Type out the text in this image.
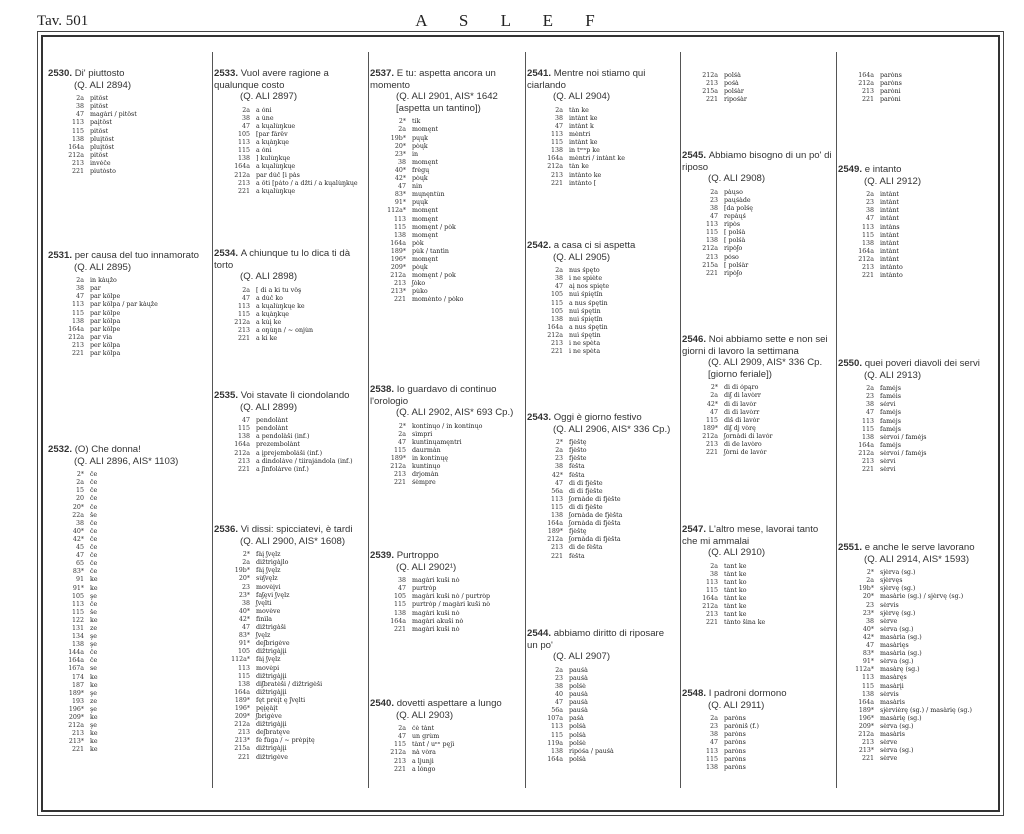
Tav. 501	A S L E F
2530. Di' piuttosto
(Q. ALI 2894)
2a pitôst
38 pitôst
47 magàri / pitôst
113 paįtôst
115 pitôst
138 pluįtôst
164a pluįtôst
212a pitôst
213 invéče
221 piutòsto
2531. per causa del tuo innamorato
(Q. ALI 2895)
2a in kàųžo
38 par
47 par kôlpe
113 par kôlpa / par kàųže
115 par kôlpe
138 par kôlpa
164a par kôlpe
212a par vìa
213 per kôlpa
221 par kôlpa
2532. (O) Che donna!
(Q. ALI 2896, AIS* 1103)
2* če
2a če
15 če
20 če
20* če
22a še
38 če
40* če
42* če
45 če
47 če
65 če
83* če
91 ke
91* ke
105 şe
113 če
115 še
122 ke
131 ze
134 şe
138 şe
144a če
164a če
167a se
174 ke
187 ke
189* şe
193 ze
196* şe
209* ke
212a şe
213 ke
213* ke
221 ke
2533. Vuol avere ragione a qualunque costo
(Q. ALI 2897)
2a a óni
38 a úne
47 a kųalùŋkue
105 [par fârêv
113 a kųàŋkųe
115 a óni
138 ] kulùŋkųe
164a a kųalùŋkųe
212a par dúč [i pàs
213 a ôti [páto / a džti / a kųalùŋkųe
221 a kųalùŋkųe
2534. A chiunque tu lo dica ti dà torto
(Q. ALI 2898)
2a [ di a ki tu vôş
47 a dúč ko
113 a kųalùŋkųe ke
115 a kųàŋkųe
212a a kùį ke
213 a oŋùŋn / ~ onjùn
221 a ki ke
2535. Voi stavate lì ciondolando
(Q. ALI 2899)
47 pendolànt
115 pendolànt
138 a pendolàši (inf.)
164a prezembolànt
212a a įprejemboláši (inf.)
213 a dindoláve / tiirajándola (inf.)
221 a ʃinfolárve (inf.)
2536. Vi dissi: spicciatevi, è tardi
(Q. ALI 2900, AIS* 1608)
2* fàį ʃvęlz
2a diẑtrigàjlo
19b* fàį ʃvęlz
20* sùʃvęlz
23 movèįvi
23* faʃęvi ʃvęlz
38 ʃvęlti
40* movève
42* finìla
47 diẑtrigàši
83* ʃvęlz
91* deʃbrigève
105 diẑtrigàjįi
112a* fàį ʃvęlz
113 movèpi
115 diẑtrigàjįi
138 diʃbratèši / diẑtrigèši
164a diẑtrigàjįi
189* fęt prèįt ę ʃvęlti
196* pęįęàįt
209* ʃbrigève
212a diẑtrigàjįi
213 deʃbratęve
213* fè fùga / ~ prèpįtę
215a diẑtrigàjįi
221 diẑtrigève
2537. E tu: aspetta ancora un momento
(Q. ALI 2901, AIS* 1642 [aspetta un tantino])
2* tik
2a momęnt
19b* pųųk
20* pò͡ųk
23* in
38 momęnt
40* frègų
42* pò͡ųk
47 nin
83* mųnęntùn
91* pųųk
112a* momęnt
113 momęnt
115 momęnt / pòk
138 momęnt
164a pòk
189* pùk / tantìn
196* momęnt
209* pòųk
212a momęnt / pok
213 ʃòko
213* pùko
221 momènto / pòko
2538. Io guardavo di continuo l'orologio
(Q. ALI 2902, AIS* 693 Cp.)
2* kontínųo / in kontínųo
2a sìmpri
47 kuntìnųamęntri
115 daurmàn
189* in kontínųę
212a kuntinųo
213 drjomàn
221 śèmpre
2539. Purtroppo
(Q. ALI 2902¹)
38 magàri kuši nò
47 purtròp
105 magàri kuši nò / purtròp
115 purtròp / magàri kuši nò
138 magàri kuši nò
164a magàri akuši nò
221 magàri kuši nò
2540. dovetti aspettare a lungo
(Q. ALI 2903)
2a ćè tànt
47 un grùm
115 tànt / uⁿⁿ pęjì
212a nà vòra
213 a ljunji
221 a lóngo
2541. Mentre noi stiamo qui ciarlando
(Q. ALI 2904)
2a tàn ke
38 intànt ke
47 intànt k
113 mèntri
115 intànt ke
138 in tᶦᵉⁿp ke
164a mèntri / intànt ke
212a tàn ke
213 intànto ke
221 intànto [
2542. a casa ci si aspetta
(Q. ALI 2905)
2a nus śpęto
38 i ne spiète
47 aį nos spięte
105 nuì śpięti̊n
115 a nus śpętin
105 nuì śpętin
138 nuì śpięti̊n
164a a nus śpętin
212a nuì śpętin
213 i ne spèta
221 i ne spèta
2543. Oggi è giorno festivo
(Q. ALI 2906, AIS* 336 Cp.)
2* fjèštę
2a fjèšto
23 fjèšte
38 fèšta
42* fèšta
47 di di fjèšte
56a di di fjèšte
113 ʃornàde di fjèšte
115 di di fjèšte
138 ʃornàda de fjèšta
164a ʃornàda di fjèšta
189* fjèštę
212a ʃornàda di fjèšta
213 di de fèšta
221 fèšta
2544. abbiamo diritto di riposare un po'
(Q. ALI 2907)
2a pauśà
23 pauśà
38 polśè
40 pauśà
47 pauśà
56a pauśà
107a paśà
113 polśà
115 polśà
119a polśè
138 ripóśa / pauśà
164a polśà
212a polśà
213 pośà
215a polśàr
221 ripośàr
2545. Abbiamo bisogno di un po' di riposo
(Q. ALI 2908)
2a pàųso
23 paųśàde
38 [da polśę
47 repàųś
113 ripòs
115 [ polśà
138 [ polśà
212a ripòʃo
213 póso
215a [ polśàr
221 ripòʃo
2546. Noi abbiamo sette e non sei giorni di lavoro la settimana
(Q. ALI 2909, AIS* 336 Cp. [giorno feriale])
2* di di ópąro
2a diʃ di lavòrr
42* di di lavòr
47 di di lavòrr
115 dìš di lavòr
189* dìʃ dj vòrę
212a ʃornàdi di lavór
213 di de lavòro
221 ʃòrni de lavór
2547. L'altro mese, lavorai tanto che mi ammalai
(Q. ALI 2910)
2a tant ke
38 tànt ke
113 tant ko
115 tànt ko
164a tànt ke
212a tànt ke
213 tant ke
221 tànto šìna ke
2548. I padroni dormono
(Q. ALI 2911)
2a paròns
23 paròniš (f.)
38 paròns
47 paròns
113 paròns
115 paròns
138 paròns
164a paròns
212a paròns
213 paròni
221 paròni
2549. e intanto
(Q. ALI 2912)
2a intànt
23 intànt
38 intànt
47 intànt
113 intàns
115 intànt
138 intànt
164a intànt
212a intànt
213 intànto
221 intànto
2550. quei poveri diavoli dei servi
(Q. ALI 2913)
2a faméjs
23 faméis
38 sérvi
47 faméjs
113 faméjs
115 faméjs
138 sèrvoi / faméjs
164a faméjs
212a sèrvoi / faméjs
213 sèrvi
221 sèrvi
2551. e anche le serve lavorano
(Q. ALI 2914, AIS* 1593)
2* sjèrva (sg.)
2a sjèrvęs
19b* sjèrvę (sg.)
20* masàrie (sg.) / sjèrvę (sg.)
23 sèrvis
23* sjèrvę (sg.)
38 sèrve
40* sèrva (sg.)
42* masària (sg.)
47 masàrięs
83* masària (sg.)
91* sèrva (sg.)
112a* masàrę (sg.)
113 masàręs
115 masàrįi
138 sèrvis
164a masàris
189* sjèrvièrę (sg.) / masàrię (sg.)
196* masàrię (sg.)
209* sèrva (sg.)
212a masàris
213 sèrve
213* sèrva (sg.)
221 sèrve
